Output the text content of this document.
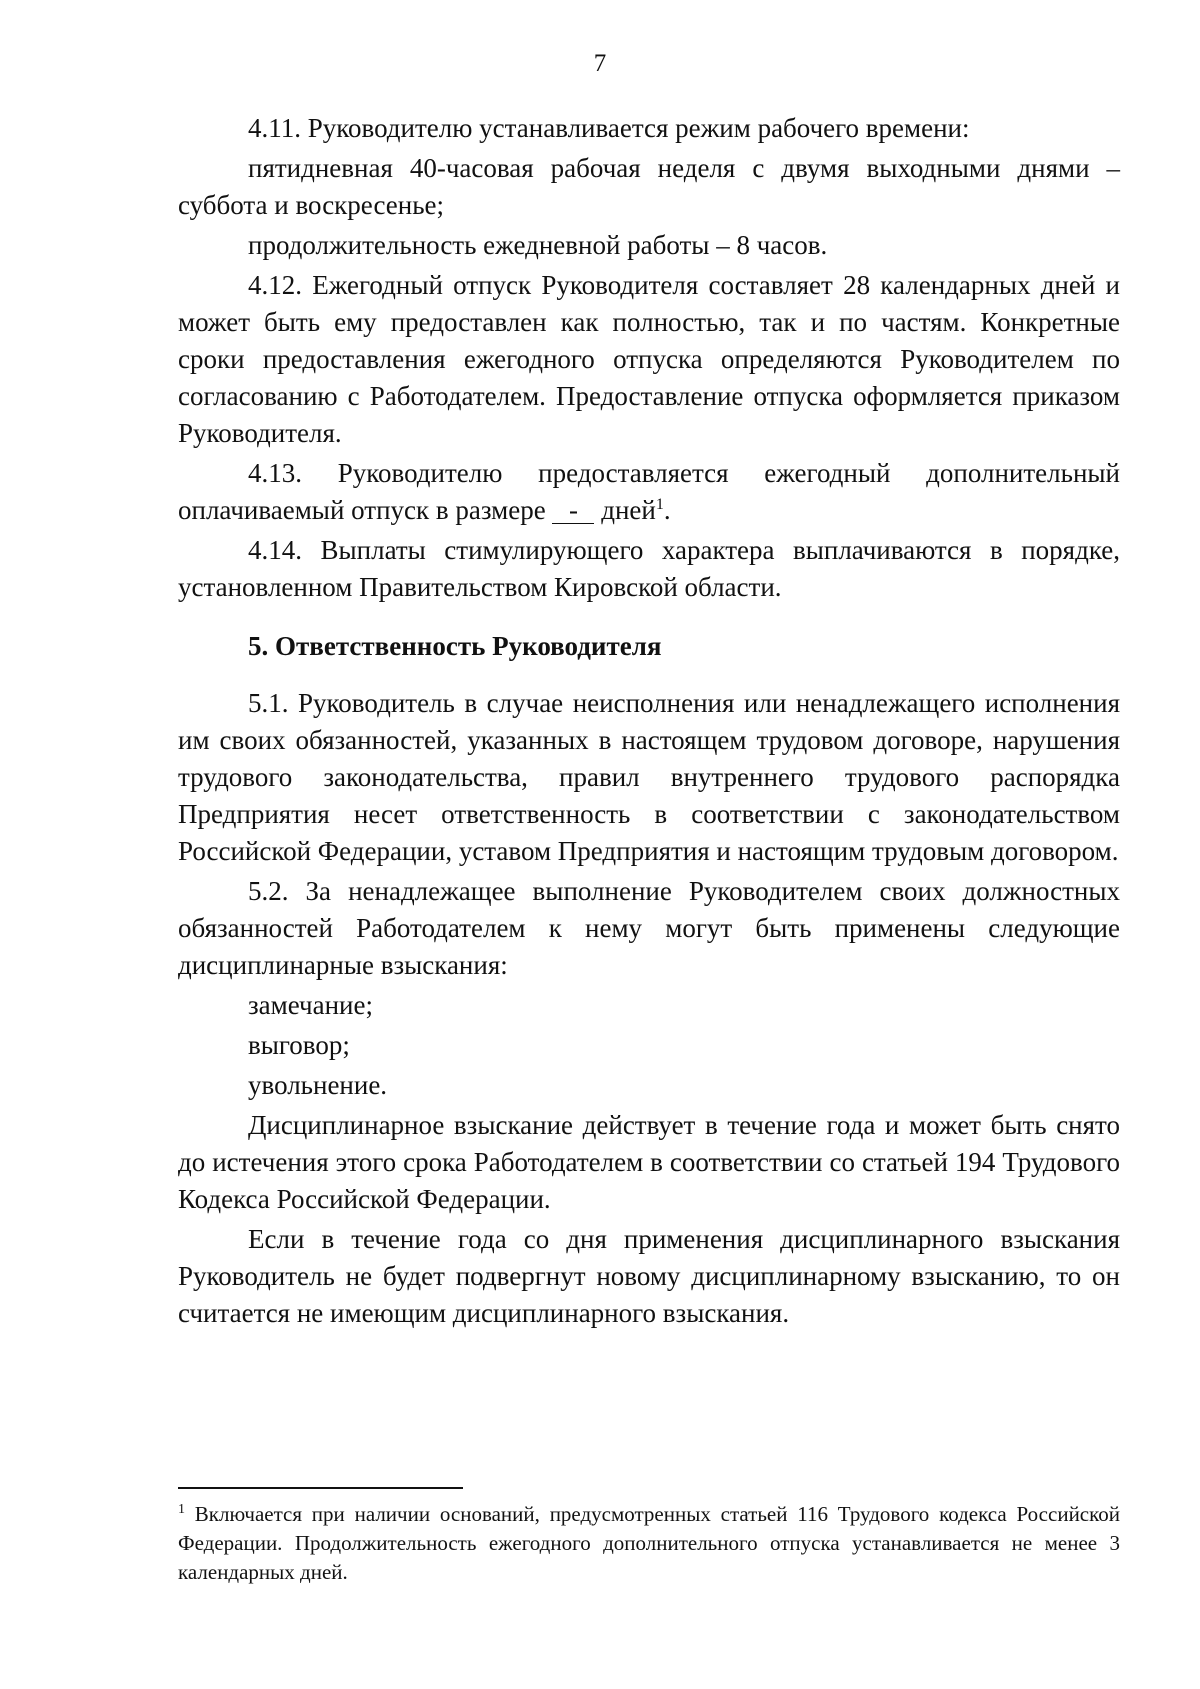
7

4.11. Руководителю устанавливается режим рабочего времени:

пятидневная 40-часовая рабочая неделя с двумя выходными днями – суббота и воскресенье;

продолжительность ежедневной работы – 8 часов.

4.12. Ежегодный отпуск Руководителя составляет 28 календарных дней и может быть ему предоставлен как полностью, так и по частям. Конкретные сроки предоставления ежегодного отпуска определяются Руководителем по согласованию с Работодателем. Предоставление отпуска оформляется приказом Руководителя.

4.13. Руководителю предоставляется ежегодный дополнительный оплачиваемый отпуск в размере - дней$^1$.

4.14. Выплаты стимулирующего характера выплачиваются в порядке, установленном Правительством Кировской области.

5. Ответственность Руководителя

5.1. Руководитель в случае неисполнения или ненадлежащего исполнения им своих обязанностей, указанных в настоящем трудовом договоре, нарушения трудового законодательства, правил внутреннего трудового распорядка Предприятия несет ответственность в соответствии с законодательством Российской Федерации, уставом Предприятия и настоящим трудовым договором.

5.2. За ненадлежащее выполнение Руководителем своих должностных обязанностей Работодателем к нему могут быть применены следующие дисциплинарные взыскания:

замечание;

выговор;

увольнение.

Дисциплинарное взыскание действует в течение года и может быть снято до истечения этого срока Работодателем в соответствии со статьей 194 Трудового Кодекса Российской Федерации.

Если в течение года со дня применения дисциплинарного взыскания Руководитель не будет подвергнут новому дисциплинарному взысканию, то он считается не имеющим дисциплинарного взыскания.

$^1$ Включается при наличии оснований, предусмотренных статьей 116 Трудового кодекса Российской Федерации. Продолжительность ежегодного дополнительного отпуска устанавливается не менее 3 календарных дней.
